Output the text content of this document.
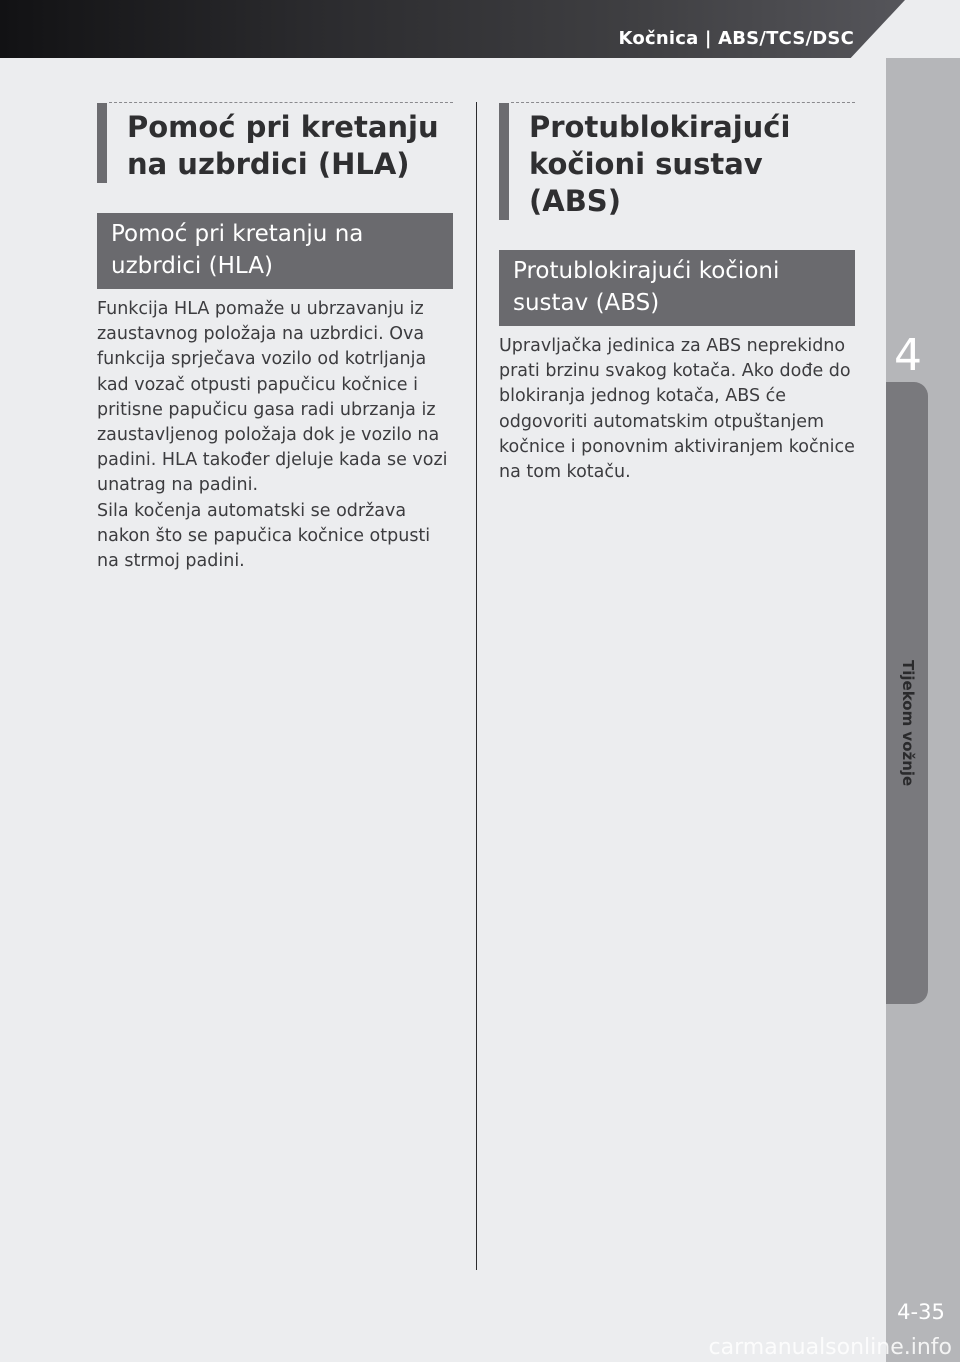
Kočnica | ABS/TCS/DSC
4
4-35
carmanualsonline.info
Pomoć pri kretanju na uzbrdici (HLA)
Pomoć pri kretanju na uzbrdici (HLA)

Funkcija HLA pomaže u ubrzavanju iz zaustavnog položaja na uzbrdici. Ova funkcija sprječava vozilo od kotrljanja kad vozač otpusti papučicu kočnice i pritisne papučicu gasa radi ubrzanja iz zaustavljenog položaja dok je vozilo na padini. HLA također djeluje kada se vozi unatrag na padini.

Sila kočenja automatski se održava nakon što se papučica kočnice otpusti na strmoj padini.

Protublokirajući kočioni sustav (ABS)
Protublokirajući kočioni sustav (ABS)

Upravljačka jedinica za ABS neprekidno prati brzinu svakog kotača. Ako dođe do blokiranja jednog kotača, ABS će odgovoriti automatskim otpuštanjem kočnice i ponovnim aktiviranjem kočnice na tom kotaču.
